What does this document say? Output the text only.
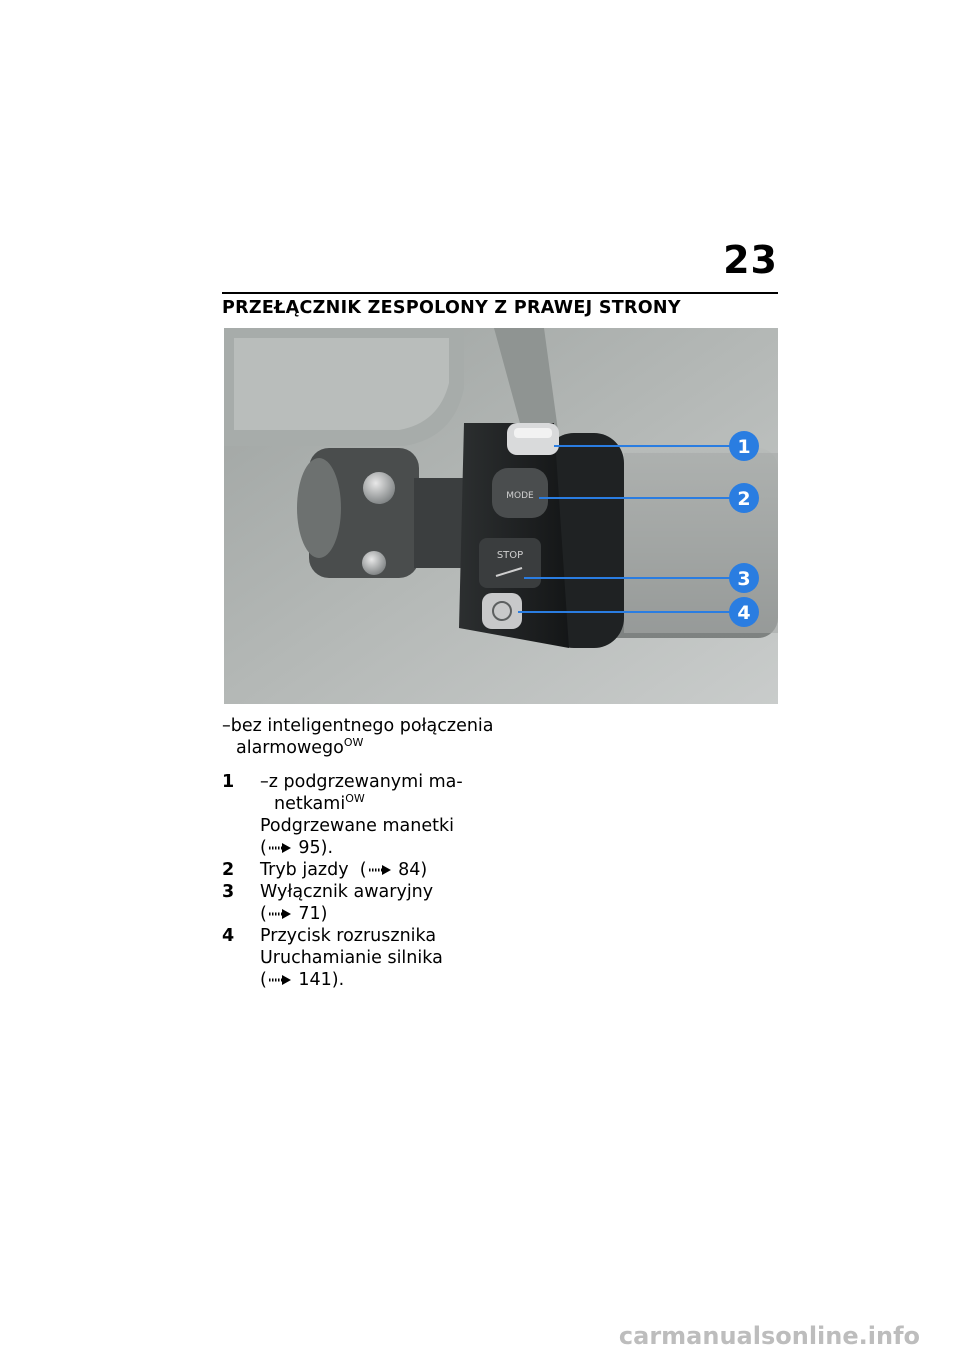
23
PRZEŁĄCZNIK ZESPOLONY Z PRAWEJ STRONY
MODE
STOP
1
2
3
4
–bez inteligentnego połączenia
alarmowego$^{OW}$
1	–z podgrzewanymi ma-
netkami$^{OW}$
Podgrzewane manetki
( 95).
2	Tryb jazdy ( 84)
3	Wyłącznik awaryjny
( 71)
4	Przycisk rozrusznika
Uruchamianie silnika
( 141).
carmanualsonline.info
